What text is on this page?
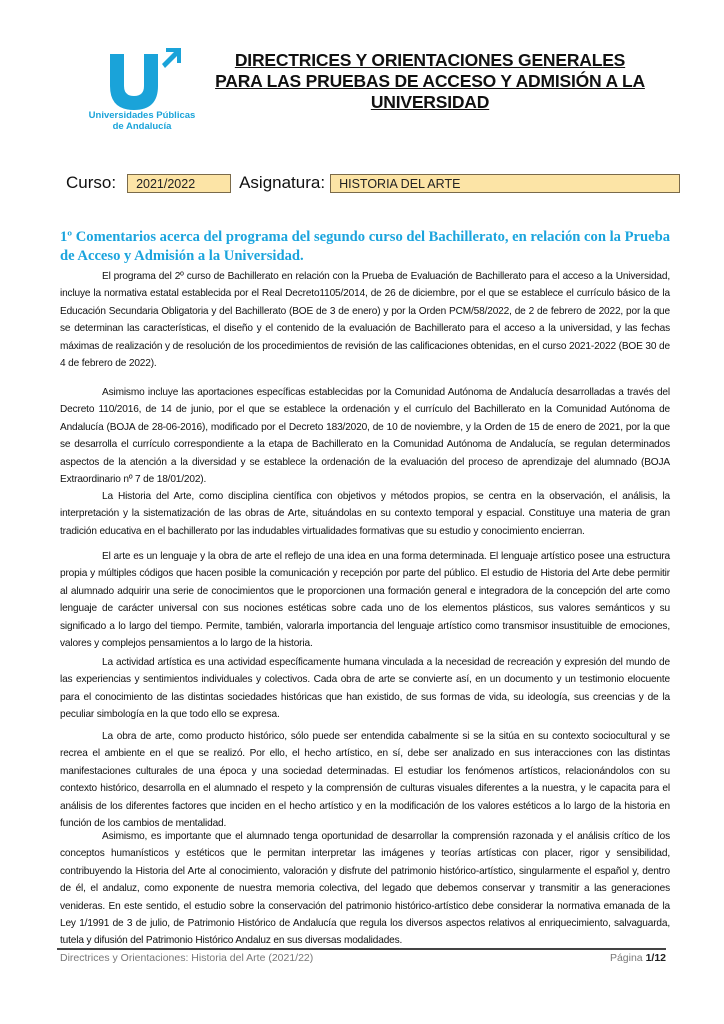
Universidades Públicas
de Andalucía
DIRECTRICES Y ORIENTACIONES GENERALES
PARA LAS PRUEBAS DE ACCESO Y ADMISIÓN A LA
UNIVERSIDAD
Curso:	2021/2022	Asignatura:	HISTORIA DEL ARTE
1º Comentarios acerca del programa del segundo curso del Bachillerato, en relación con la Prueba de Acceso y Admisión a la Universidad.

El programa del 2º curso de Bachillerato en relación con la Prueba de Evaluación de Bachillerato para el acceso a la Universidad, incluye la normativa estatal establecida por el Real Decreto1105/2014, de 26 de diciembre, por el que se establece el currículo básico de la Educación Secundaria Obligatoria y del Bachillerato (BOE de 3 de enero) y por la Orden PCM/58/2022, de 2 de febrero de 2022, por la que se determinan las características, el diseño y el contenido de la evaluación de Bachillerato para el acceso a la universidad, y las fechas máximas de realización y de resolución de los procedimientos de revisión de las calificaciones obtenidas, en el curso 2021-2022 (BOE 30 de 4 de febrero de 2022).

Asimismo incluye las aportaciones específicas establecidas por la Comunidad Autónoma de Andalucía desarrolladas a través del Decreto 110/2016, de 14 de junio, por el que se establece la ordenación y el currículo del Bachillerato en la Comunidad Autónoma de Andalucía (BOJA de 28-06-2016), modificado por el Decreto 183/2020, de 10 de noviembre, y la Orden de 15 de enero de 2021, por la que se desarrolla el currículo correspondiente a la etapa de Bachillerato en la Comunidad Autónoma de Andalucía, se regulan determinados aspectos de la atención a la diversidad y se establece la ordenación de la evaluación del proceso de aprendizaje del alumnado (BOJA Extraordinario nº 7 de 18/01/202).

La Historia del Arte, como disciplina científica con objetivos y métodos propios, se centra en la observación, el análisis, la interpretación y la sistematización de las obras de Arte, situándolas en su contexto temporal y espacial. Constituye una materia de gran tradición educativa en el bachillerato por las indudables virtualidades formativas que su estudio y conocimiento encierran.

El arte es un lenguaje y la obra de arte el reflejo de una idea en una forma determinada. El lenguaje artístico posee una estructura propia y múltiples códigos que hacen posible la comunicación y recepción por parte del público. El estudio de Historia del Arte debe permitir al alumnado adquirir una serie de conocimientos que le proporcionen una formación general e integradora de la concepción del arte como lenguaje de carácter universal con sus nociones estéticas sobre cada uno de los elementos plásticos, sus valores semánticos y su significado a lo largo del tiempo. Permite, también, valorarla importancia del lenguaje artístico como transmisor insustituible de emociones, valores y complejos pensamientos a lo largo de la historia.

La actividad artística es una actividad específicamente humana vinculada a la necesidad de recreación y expresión del mundo de las experiencias y sentimientos individuales y colectivos. Cada obra de arte se convierte así, en un documento y un testimonio elocuente para el conocimiento de las distintas sociedades históricas que han existido, de sus formas de vida, su ideología, sus creencias y de la peculiar simbología en la que todo ello se expresa.

La obra de arte, como producto histórico, sólo puede ser entendida cabalmente si se la sitúa en su contexto sociocultural y se recrea el ambiente en el que se realizó. Por ello, el hecho artístico, en sí, debe ser analizado en sus interacciones con las distintas manifestaciones culturales de una época y una sociedad determinadas. El estudiar los fenómenos artísticos, relacionándolos con su contexto histórico, desarrolla en el alumnado el respeto y la comprensión de culturas visuales diferentes a la nuestra, y le capacita para el análisis de los diferentes factores que inciden en el hecho artístico y en la modificación de los valores estéticos a lo largo de la historia en función de los cambios de mentalidad.

Asimismo, es importante que el alumnado tenga oportunidad de desarrollar la comprensión razonada y el análisis crítico de los conceptos humanísticos y estéticos que le permitan interpretar las imágenes y teorías artísticas con placer, rigor y sensibilidad, contribuyendo la Historia del Arte al conocimiento, valoración y disfrute del patrimonio histórico-artístico, singularmente el español y, dentro de él, el andaluz, como exponente de nuestra memoria colectiva, del legado que debemos conservar y transmitir a las generaciones venideras. En este sentido, el estudio sobre la conservación del patrimonio histórico-artístico debe considerar la normativa emanada de la Ley 1/1991 de 3 de julio, de Patrimonio Histórico de Andalucía que regula los diversos aspectos relativos al enriquecimiento, salvaguarda, tutela y difusión del Patrimonio Histórico Andaluz en sus diversas modalidades.

Directrices y Orientaciones: Historia del Arte (2021/22)	Página 1/12
